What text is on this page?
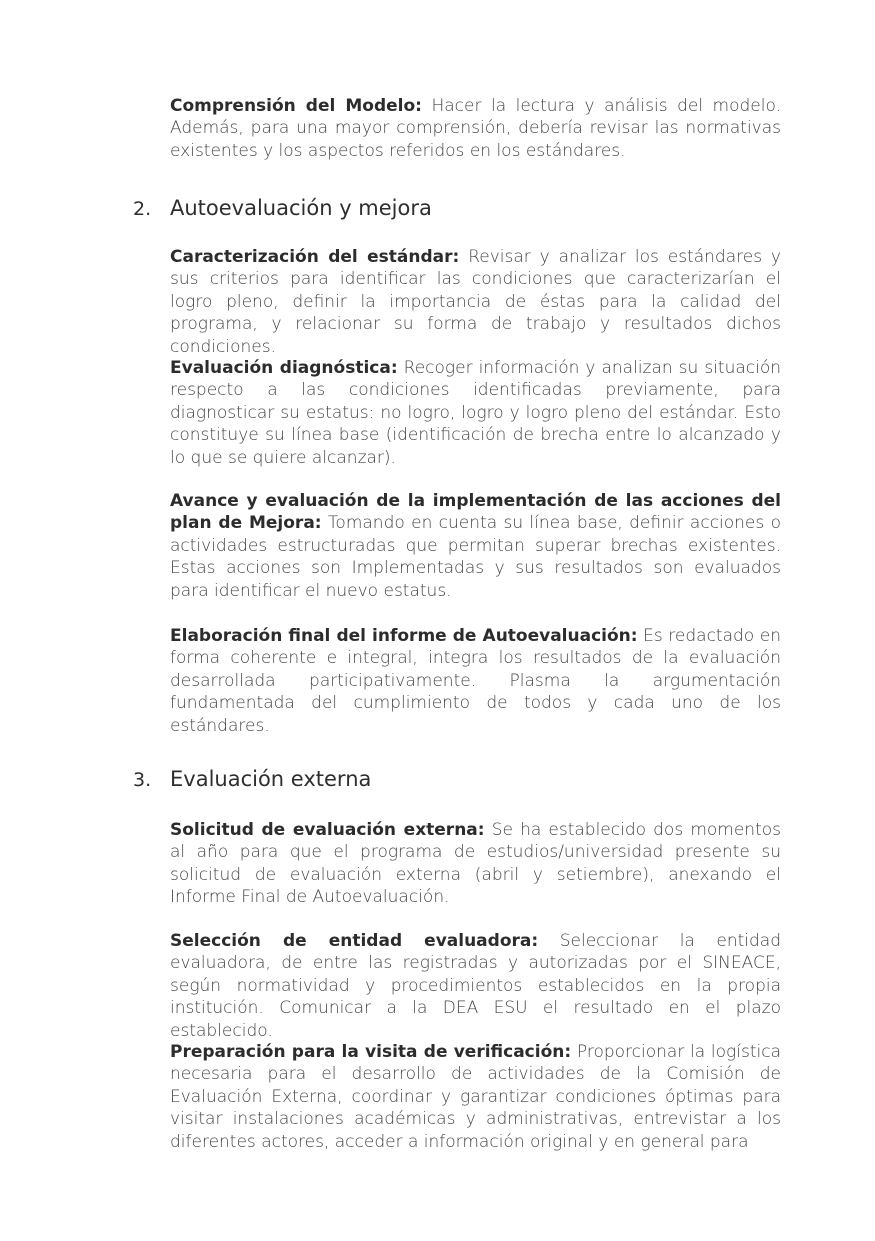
Comprensión del Modelo: Hacer la lectura y análisis del modelo. Además, para una mayor comprensión, debería revisar las normativas existentes y los aspectos referidos en los estándares.

2. Autoevaluación y mejora

Caracterización del estándar: Revisar y analizar los estándares y sus criterios para identificar las condiciones que caracterizarían el logro pleno, definir la importancia de éstas para la calidad del programa, y relacionar su forma de trabajo y resultados dichos condiciones.

Evaluación diagnóstica: Recoger información y analizan su situación respecto a las condiciones identificadas previamente, para diagnosticar su estatus: no logro, logro y logro pleno del estándar. Esto constituye su línea base (identificación de brecha entre lo alcanzado y lo que se quiere alcanzar).

Avance y evaluación de la implementación de las acciones del plan de Mejora: Tomando en cuenta su línea base, definir acciones o actividades estructuradas que permitan superar brechas existentes. Estas acciones son Implementadas y sus resultados son evaluados para identificar el nuevo estatus.

Elaboración final del informe de Autoevaluación: Es redactado en forma coherente e integral, integra los resultados de la evaluación desarrollada participativamente. Plasma la argumentación fundamentada del cumplimiento de todos y cada uno de los estándares.

3. Evaluación externa

Solicitud de evaluación externa: Se ha establecido dos momentos al año para que el programa de estudios/universidad presente su solicitud de evaluación externa (abril y setiembre), anexando el Informe Final de Autoevaluación.

Selección de entidad evaluadora: Seleccionar la entidad evaluadora, de entre las registradas y autorizadas por el SINEACE, según normatividad y procedimientos establecidos en la propia institución. Comunicar a la DEA ESU el resultado en el plazo establecido.

Preparación para la visita de verificación: Proporcionar la logística necesaria para el desarrollo de actividades de la Comisión de Evaluación Externa, coordinar y garantizar condiciones óptimas para visitar instalaciones académicas y administrativas, entrevistar a los diferentes actores, acceder a información original y en general para
